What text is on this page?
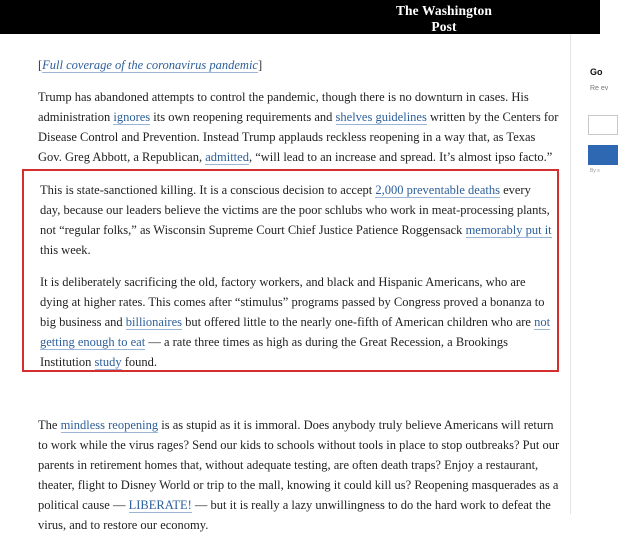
The Washington Post
Democracy Dies in Darkness
Go
Re ev
By s

[Full coverage of the coronavirus pandemic]

Trump has abandoned attempts to control the pandemic, though there is no downturn in cases. His administration ignores its own reopening requirements and shelves guidelines written by the Centers for Disease Control and Prevention. Instead Trump applauds reckless reopening in a way that, as Texas Gov. Greg Abbott, a Republican, admitted, “will lead to an increase and spread. It’s almost ipso facto.”

The mindless reopening is as stupid as it is immoral. Does anybody truly believe Americans will return to work while the virus rages? Send our kids to schools without tools in place to stop outbreaks? Put our parents in retirement homes that, without adequate testing, are often death traps? Enjoy a restaurant, theater, flight to Disney World or trip to the mall, knowing it could kill us? Reopening masquerades as a political cause — LIBERATE! — but it is really a lazy unwillingness to do the hard work to defeat the virus, and to restore our economy.

This is state-sanctioned killing. It is a conscious decision to accept 2,000 preventable deaths every day, because our leaders believe the victims are the poor schlubs who work in meat-processing plants, not “regular folks,” as Wisconsin Supreme Court Chief Justice Patience Roggensack memorably put it this week.

It is deliberately sacrificing the old, factory workers, and black and Hispanic Americans, who are dying at higher rates. This comes after “stimulus” programs passed by Congress proved a bonanza to big business and billionaires but offered little to the nearly one-fifth of American children who are not getting enough to eat — a rate three times as high as during the Great Recession, a Brookings Institution study found.
